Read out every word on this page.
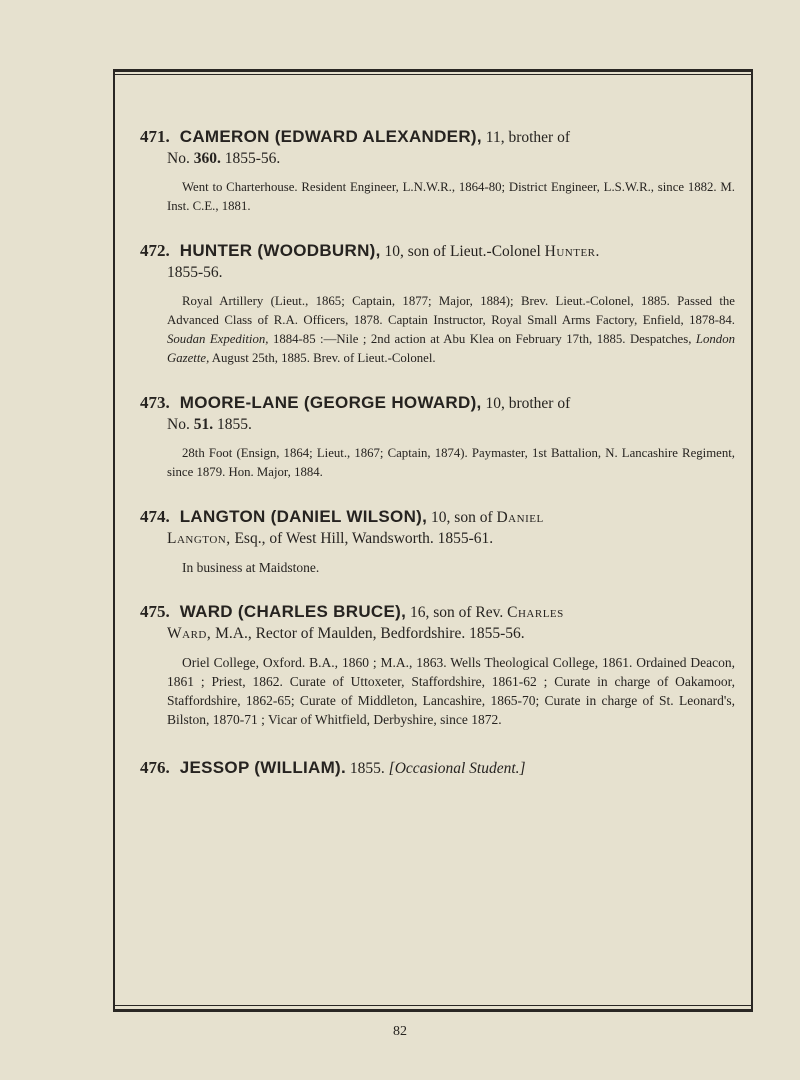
471. CAMERON (EDWARD ALEXANDER), 11, brother of
No. 360. 1855-56.
Went to Charterhouse. Resident Engineer, L.N.W.R., 1864-80; District Engineer, L.S.W.R., since 1882. M. Inst. C.E., 1881.
472. HUNTER (WOODBURN), 10, son of Lieut.-Colonel Hunter.
1855-56.
Royal Artillery (Lieut., 1865; Captain, 1877; Major, 1884); Brev. Lieut.-Colonel, 1885. Passed the Advanced Class of R.A. Officers, 1878. Captain Instructor, Royal Small Arms Factory, Enfield, 1878-84. Soudan Expedition, 1884-85 :—Nile ; 2nd action at Abu Klea on February 17th, 1885. Despatches, London Gazette, August 25th, 1885. Brev. of Lieut.-Colonel.
473. MOORE-LANE (GEORGE HOWARD), 10, brother of
No. 51. 1855.
28th Foot (Ensign, 1864; Lieut., 1867; Captain, 1874). Paymaster, 1st Battalion, N. Lancashire Regiment, since 1879. Hon. Major, 1884.
474. LANGTON (DANIEL WILSON), 10, son of Daniel
Langton, Esq., of West Hill, Wandsworth. 1855-61.
In business at Maidstone.
475. WARD (CHARLES BRUCE), 16, son of Rev. Charles
Ward, M.A., Rector of Maulden, Bedfordshire. 1855-56.
Oriel College, Oxford. B.A., 1860 ; M.A., 1863. Wells Theological College, 1861. Ordained Deacon, 1861 ; Priest, 1862. Curate of Uttoxeter, Staffordshire, 1861-62 ; Curate in charge of Oakamoor, Staffordshire, 1862-65; Curate of Middleton, Lancashire, 1865-70; Curate in charge of St. Leonard's, Bilston, 1870-71 ; Vicar of Whitfield, Derbyshire, since 1872.
476. JESSOP (WILLIAM). 1855. [Occasional Student.]
82
